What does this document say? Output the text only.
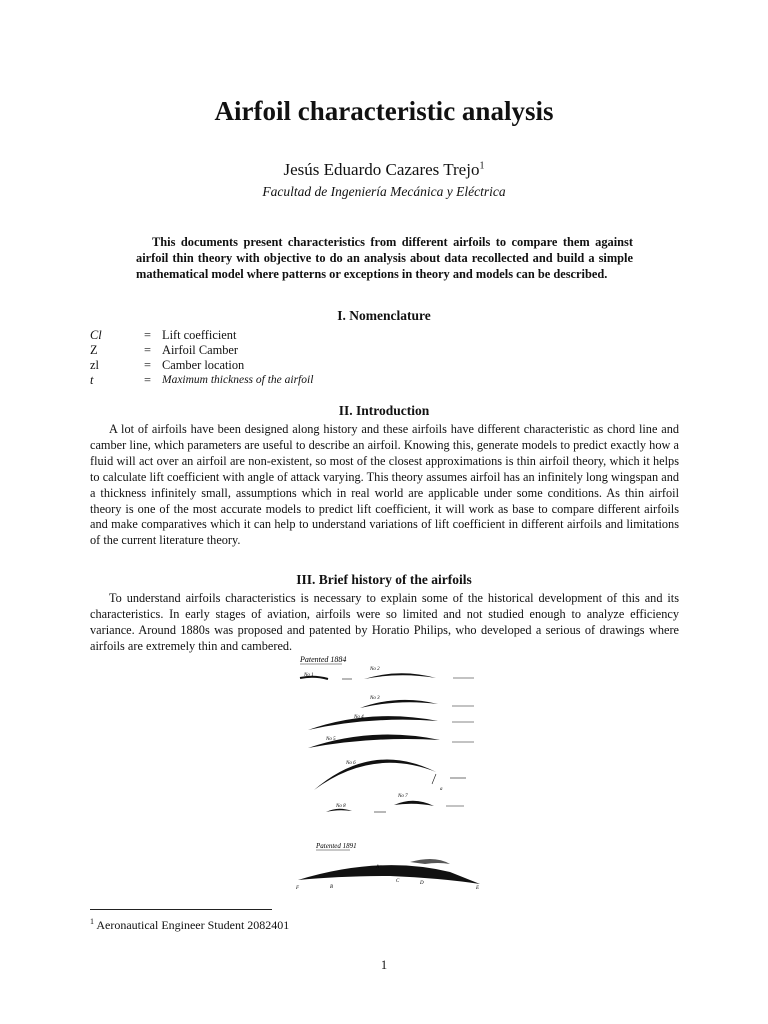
Airfoil characteristic analysis
Jesús Eduardo Cazares Trejo$^1$
Facultad de Ingeniería Mecánica y Eléctrica
This documents present characteristics from different airfoils to compare them against airfoil thin theory with objective to do an analysis about data recollected and build a simple mathematical model where patterns or exceptions in theory and models can be described.
I. Nomenclature
Cl	= Lift coefficient
Z	= Airfoil Camber
zl	= Camber location
t	= Maximum thickness of the airfoil
II. Introduction
A lot of airfoils have been designed along history and these airfoils have different characteristic as chord line and camber line, which parameters are useful to describe an airfoil. Knowing this, generate models to predict exactly how a fluid will act over an airfoil are non-existent, so most of the closest approximations is thin airfoil theory, which it helps to calculate lift coefficient with angle of attack varying. This theory assumes airfoil has an infinitely long wingspan and a thickness infinitely small, assumptions which in real world are applicable under some conditions. As thin airfoil theory is one of the most accurate models to predict lift coefficient, it will work as base to compare different airfoils and make comparatives which it can help to understand variations of lift coefficient in different airfoils and limitations of the current literature theory.
III. Brief history of the airfoils
To understand airfoils characteristics is necessary to explain some of the historical development of this and its characteristics. In early stages of aviation, airfoils were so limited and not studied enough to analyze efficiency variance. Around 1880s was proposed and patented by Horatio Philips, who developed a serious of drawings where airfoils are extremely thin and cambered.
Patented 1884
No 1
No 2
No 3
No 4
No 5
No 6
a
No 8
No 7
Patented 1891
A
B
C	D
E
F
$^1$ Aeronautical Engineer Student 2082401
1
